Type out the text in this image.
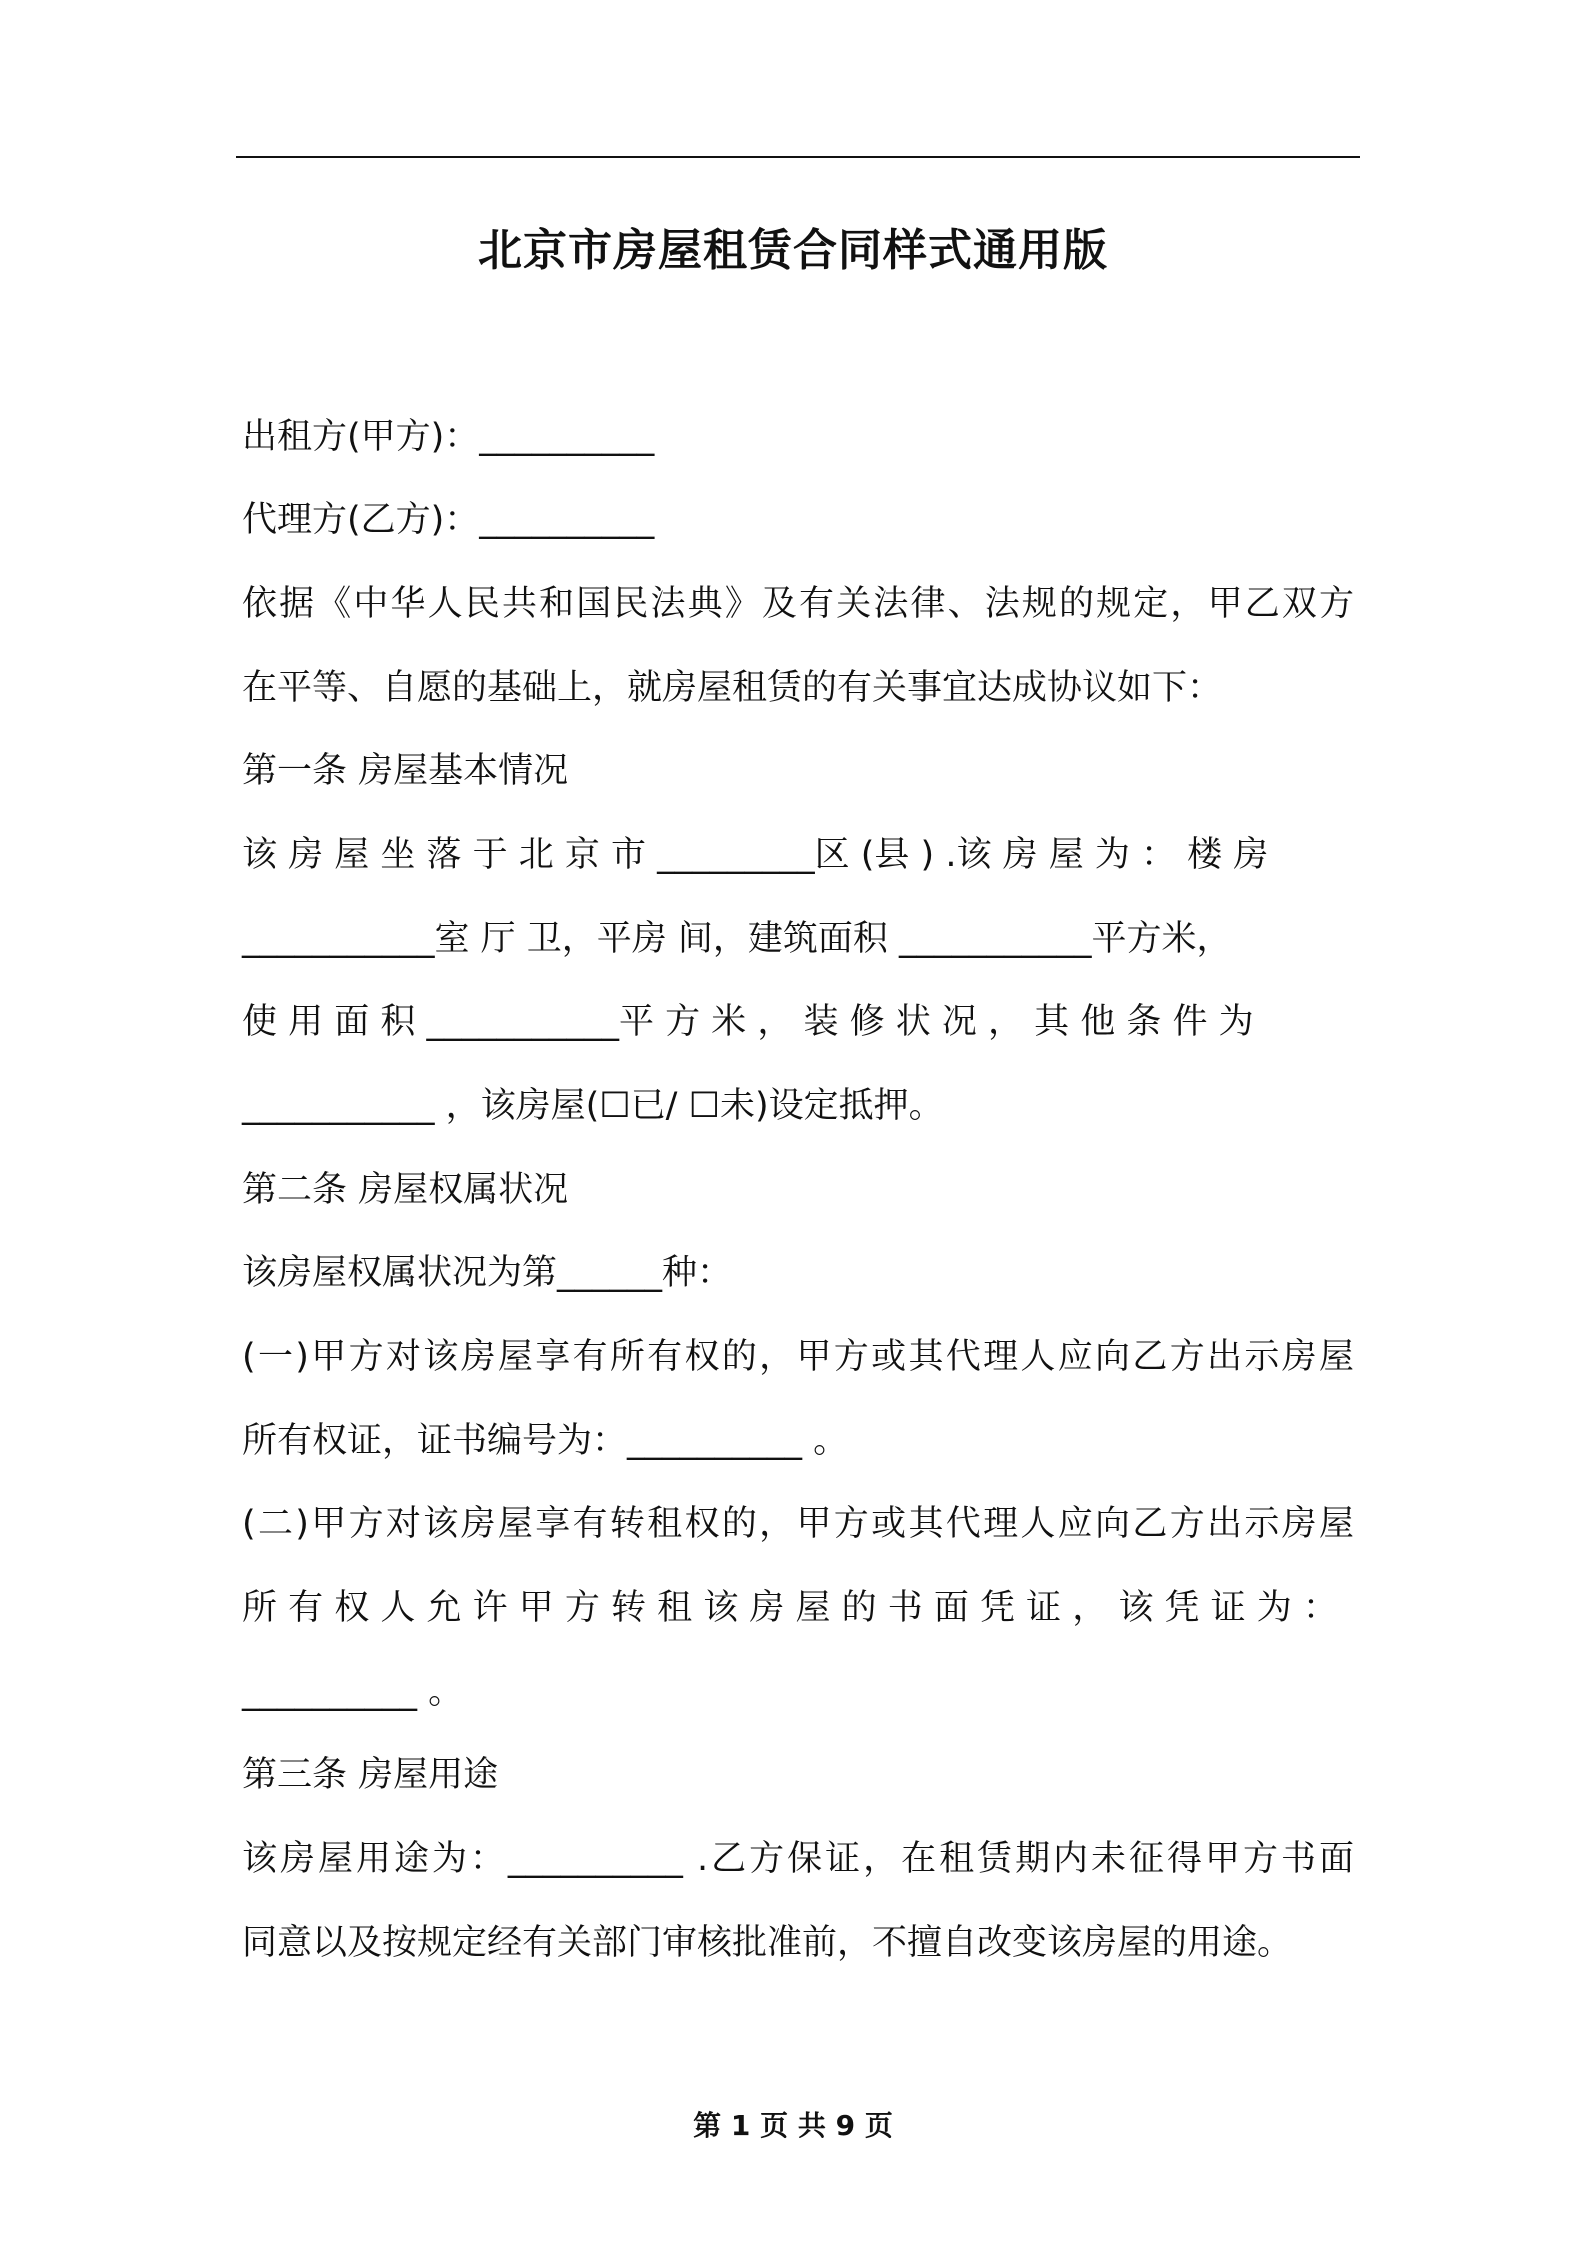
北京市房屋租赁合同样式通用版
出租方(甲方)：__________
代理方(乙方)：__________
依据《中华人民共和国民法典》及有关法律、法规的规定，甲乙双方
在平等、自愿的基础上，就房屋租赁的有关事宜达成协议如下：
第一条 房屋基本情况
该 房 屋 坐 落 于 北 京 市 _________区 (县 ) .该 房 屋 为 ： 楼 房
___________室 厅 卫，平房 间，建筑面积 ___________平方米，
使 用 面 积 ___________平 方 米 ， 装 修 状 况 ， 其 他 条 件 为
___________ ，该房屋(☐已/ ☐未)设定抵押。
第二条 房屋权属状况
该房屋权属状况为第______种：
(一)甲方对该房屋享有所有权的，甲方或其代理人应向乙方出示房屋
所有权证，证书编号为：__________ 。
(二)甲方对该房屋享有转租权的，甲方或其代理人应向乙方出示房屋
所 有 权 人 允 许 甲 方 转 租 该 房 屋 的 书 面 凭 证 ， 该 凭 证 为 ：
__________ 。
第三条 房屋用途
该房屋用途为：__________ .乙方保证，在租赁期内未征得甲方书面
同意以及按规定经有关部门审核批准前，不擅自改变该房屋的用途。
第 1 页 共 9 页
